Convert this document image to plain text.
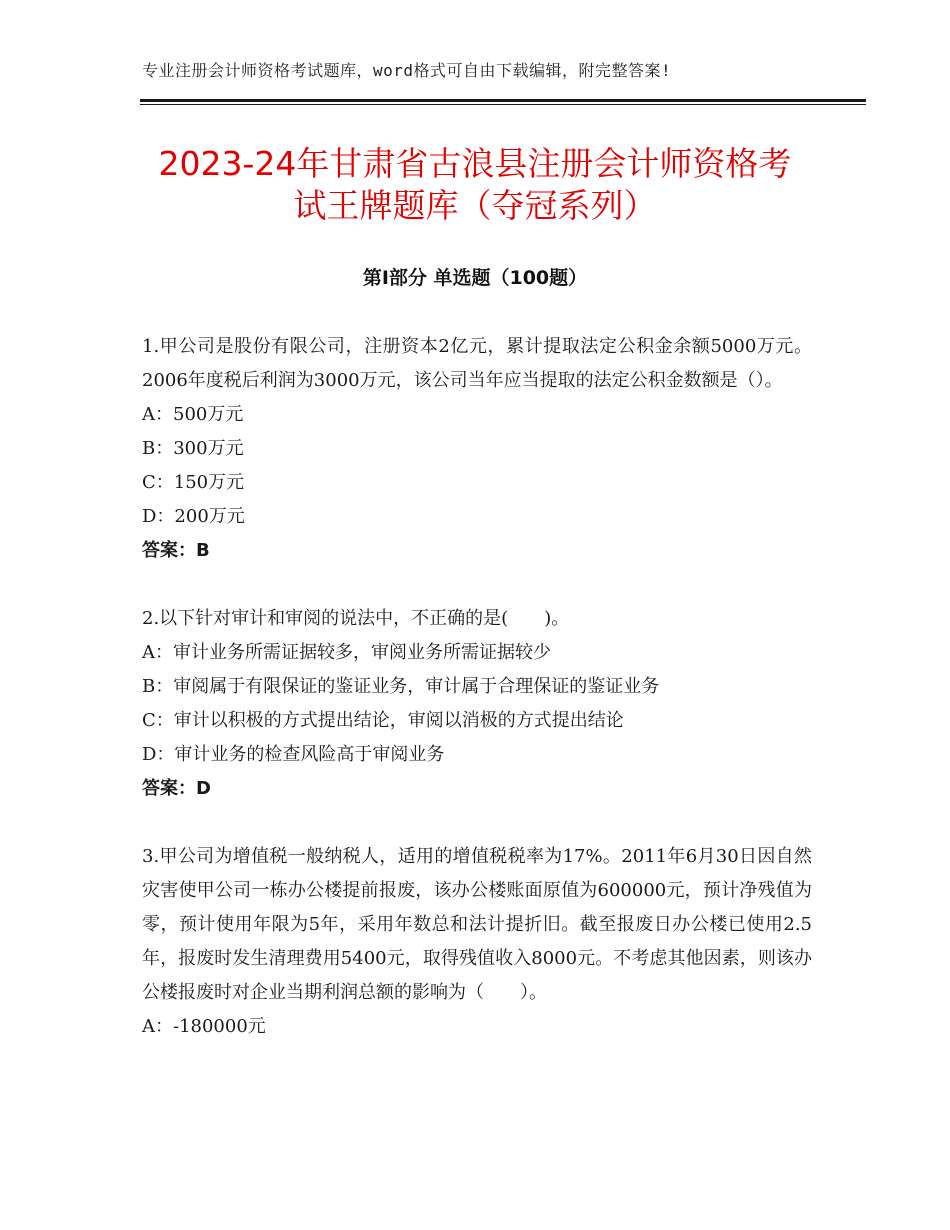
专业注册会计师资格考试题库，word格式可自由下载编辑，附完整答案!
2023-24年甘肃省古浪县注册会计师资格考
试王牌题库（夺冠系列）
第I部分 单选题（100题）

1.甲公司是股份有限公司，注册资本2亿元，累计提取法定公积金余额5000万元。2006年度税后利润为3000万元，该公司当年应当提取的法定公积金数额是（）。

A：500万元

B：300万元

C：150万元

D：200万元

答案：B

2.以下针对审计和审阅的说法中，不正确的是(　　)。

A：审计业务所需证据较多，审阅业务所需证据较少

B：审阅属于有限保证的鉴证业务，审计属于合理保证的鉴证业务

C：审计以积极的方式提出结论，审阅以消极的方式提出结论

D：审计业务的检查风险高于审阅业务

答案：D

3.甲公司为增值税一般纳税人，适用的增值税税率为17%。2011年6月30日因自然灾害使甲公司一栋办公楼提前报废，该办公楼账面原值为600000元，预计净残值为零，预计使用年限为5年，采用年数总和法计提折旧。截至报废日办公楼已使用2.5年，报废时发生清理费用5400元，取得残值收入8000元。不考虑其他因素，则该办公楼报废时对企业当期利润总额的影响为（　　）。

A：-180000元
